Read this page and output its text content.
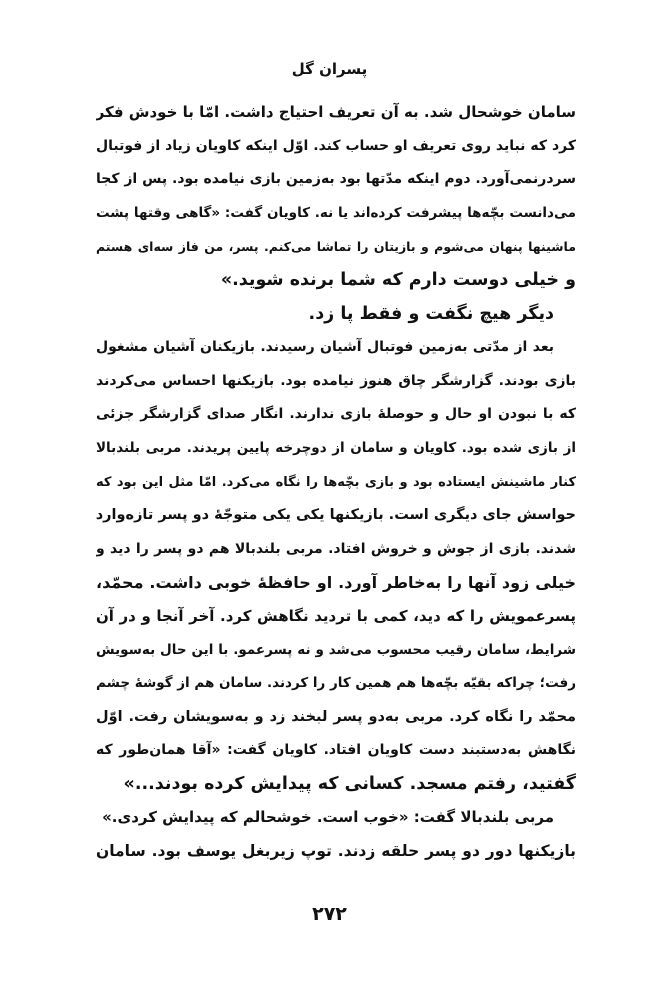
پسران گل
سامان خوشحال شد. به آن تعریف احتیاج داشت. امّا با خودش فکر
کرد که نباید روی تعریف او حساب کند. اوّل اینکه کاویان زیاد از فوتبال
سردرنمی‌آورد. دوم اینکه مدّتها بود به‌زمین بازی نیامده بود. پس از کجا
می‌دانست بچّه‌ها پیشرفت کرده‌اند یا نه. کاویان گفت: «گاهی وقتها پشت
ماشینها پنهان می‌شوم و بازیتان را تماشا می‌کنم. پسر، من فاز سه‌ای هستم
و خیلی دوست دارم که شما برنده شوید.»
دیگر هیچ نگفت و فقط پا زد.
بعد از مدّتی به‌زمین فوتبال آشیان رسیدند. بازیکنان آشیان مشغول
بازی بودند. گزارشگر چاق هنوز نیامده بود. بازیکنها احساس می‌کردند
که با نبودن او حال و حوصلهٔ بازی ندارند. انگار صدای گزارشگر جزئی
از بازی شده بود. کاویان و سامان از دوچرخه پایین پریدند. مربی بلندبالا
کنار ماشینش ایستاده بود و بازی بچّه‌ها را نگاه می‌کرد. امّا مثل این بود که
حواسش جای دیگری است. بازیکنها یکی یکی متوجّهٔ دو پسر تازه‌وارد
شدند. بازی از جوش و خروش افتاد. مربی بلندبالا هم دو پسر را دید و
خیلی زود آنها را به‌خاطر آورد. او حافظهٔ خوبی داشت. محمّد،
پسرعمویش را که دید، کمی با تردید نگاهش کرد. آخر آنجا و در آن
شرایط، سامان رقیب محسوب می‌شد و نه پسرعمو. با این حال به‌سویش
رفت؛ چراکه بقیّه بچّه‌ها هم همین کار را کردند. سامان هم از گوشهٔ چشم
محمّد را نگاه کرد. مربی به‌دو پسر لبخند زد و به‌سویشان رفت. اوّل
نگاهش به‌دستبند دست کاویان افتاد. کاویان گفت: «آقا همان‌طور که
گفتید، رفتم مسجد. کسانی که پیدایش کرده بودند...»
مربی بلندبالا گفت: «خوب است. خوشحالم که پیدایش کردی.»
بازیکنها دور دو پسر حلقه زدند. توپ زیربغل یوسف بود. سامان
۲۷۲
